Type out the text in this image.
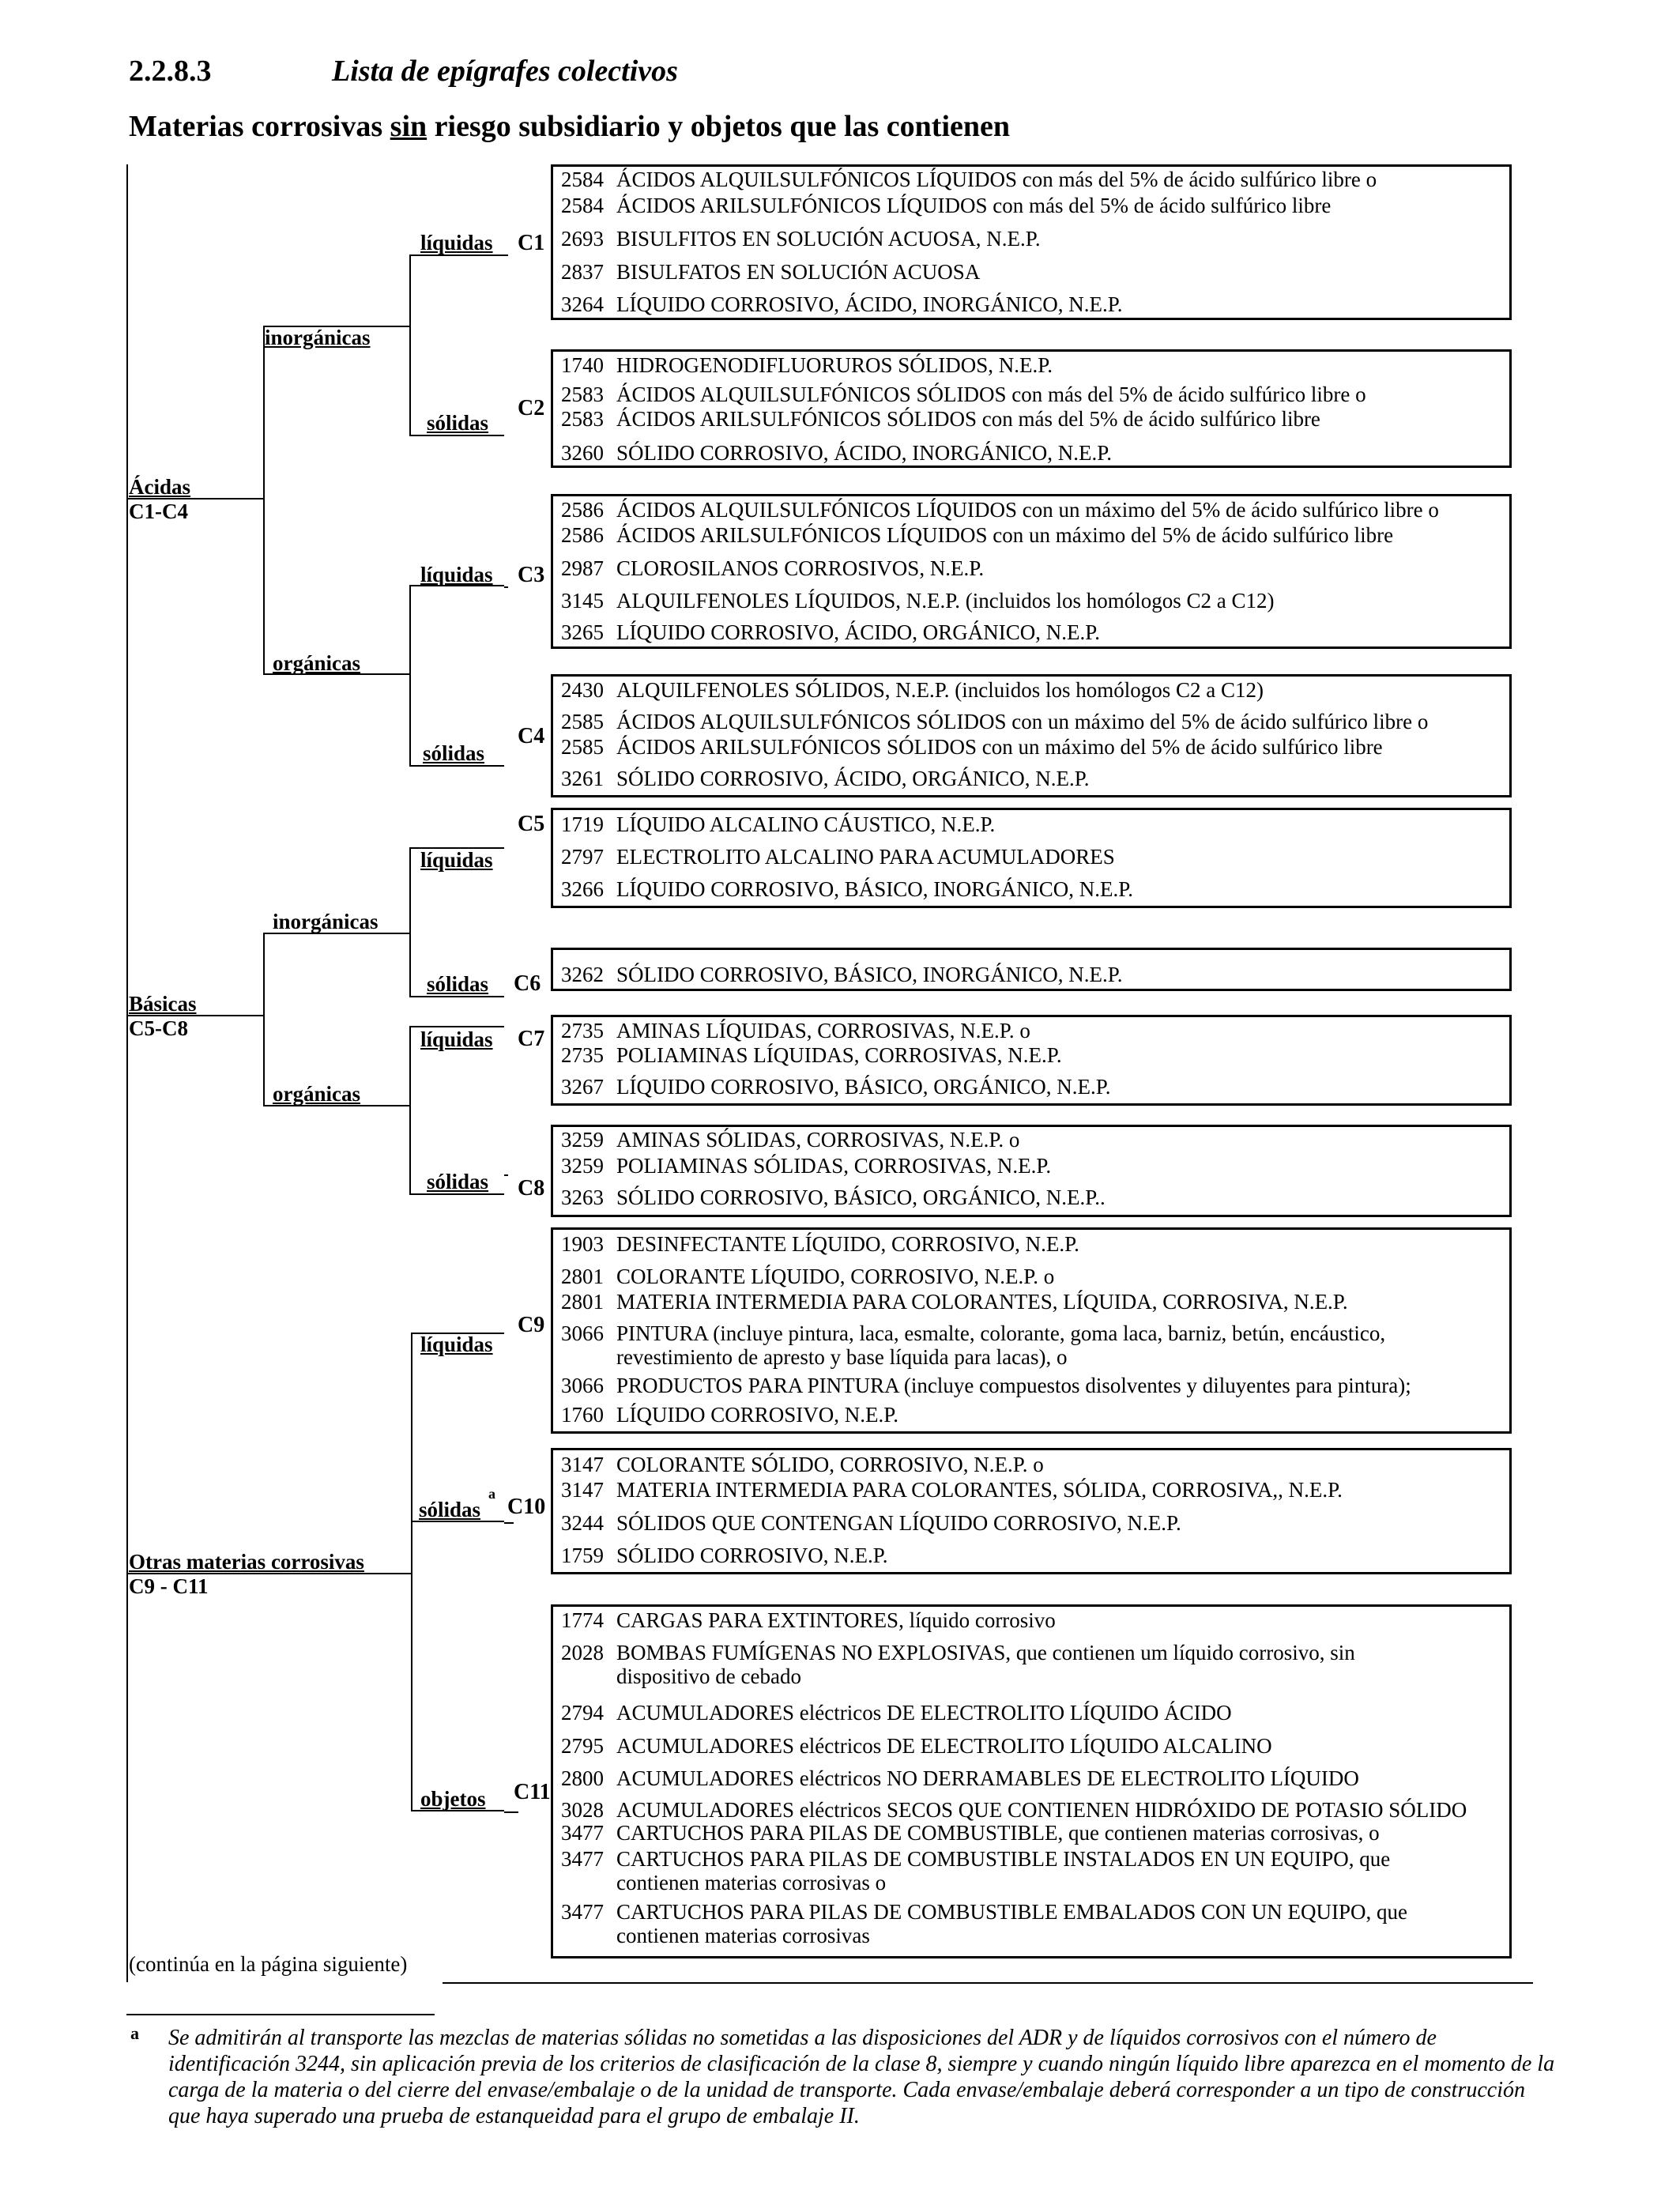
2.2.8.3	Lista de epígrafes colectivos
Materias corrosivas sin riesgo subsidiario y objetos que las contienen
Ácidas
C1-C4
Básicas
C5-C8
Otras materias corrosivas
C9 - C11
inorgánicas
orgánicas
inorgánicas
orgánicas
líquidas
sólidas
líquidas
sólidas
líquidas
sólidas
líquidas
sólidas
líquidas
sólidas
a
objetos
C1
C2
C3
C4
C5
C6
C7
C8
C9
C10
C11
2584 ÁCIDOS ALQUILSULFÓNICOS LÍQUIDOS con más del 5% de ácido sulfúrico libre o
2584 ÁCIDOS ARILSULFÓNICOS LÍQUIDOS con más del 5% de ácido sulfúrico libre
2693 BISULFITOS EN SOLUCIÓN ACUOSA, N.E.P.
2837 BISULFATOS EN SOLUCIÓN ACUOSA
3264 LÍQUIDO CORROSIVO, ÁCIDO, INORGÁNICO, N.E.P.
1740 HIDROGENODIFLUORUROS SÓLIDOS, N.E.P.
2583 ÁCIDOS ALQUILSULFÓNICOS SÓLIDOS con más del 5% de ácido sulfúrico libre o
2583 ÁCIDOS ARILSULFÓNICOS SÓLIDOS con más del 5% de ácido sulfúrico libre
3260 SÓLIDO CORROSIVO, ÁCIDO, INORGÁNICO, N.E.P.
2586 ÁCIDOS ALQUILSULFÓNICOS LÍQUIDOS con un máximo del 5% de ácido sulfúrico libre o
2586 ÁCIDOS ARILSULFÓNICOS LÍQUIDOS con un máximo del 5% de ácido sulfúrico libre
2987 CLOROSILANOS CORROSIVOS, N.E.P.
3145 ALQUILFENOLES LÍQUIDOS, N.E.P. (incluidos los homólogos C2 a C12)
3265 LÍQUIDO CORROSIVO, ÁCIDO, ORGÁNICO, N.E.P.
2430 ALQUILFENOLES SÓLIDOS, N.E.P. (incluidos los homólogos C2 a C12)
2585 ÁCIDOS ALQUILSULFÓNICOS SÓLIDOS con un máximo del 5% de ácido sulfúrico libre o
2585 ÁCIDOS ARILSULFÓNICOS SÓLIDOS con un máximo del 5% de ácido sulfúrico libre
3261 SÓLIDO CORROSIVO, ÁCIDO, ORGÁNICO, N.E.P.
1719 LÍQUIDO ALCALINO CÁUSTICO, N.E.P.
2797 ELECTROLITO ALCALINO PARA ACUMULADORES
3266 LÍQUIDO CORROSIVO, BÁSICO, INORGÁNICO, N.E.P.
3262 SÓLIDO CORROSIVO, BÁSICO, INORGÁNICO, N.E.P.
2735 AMINAS LÍQUIDAS, CORROSIVAS, N.E.P. o
2735 POLIAMINAS LÍQUIDAS, CORROSIVAS, N.E.P.
3267 LÍQUIDO CORROSIVO, BÁSICO, ORGÁNICO, N.E.P.
3259 AMINAS SÓLIDAS, CORROSIVAS, N.E.P. o
3259 POLIAMINAS SÓLIDAS, CORROSIVAS, N.E.P.
3263 SÓLIDO CORROSIVO, BÁSICO, ORGÁNICO, N.E.P..
1903 DESINFECTANTE LÍQUIDO, CORROSIVO, N.E.P.
2801 COLORANTE LÍQUIDO, CORROSIVO, N.E.P. o
2801 MATERIA INTERMEDIA PARA COLORANTES, LÍQUIDA, CORROSIVA, N.E.P.
3066 PINTURA (incluye pintura, laca, esmalte, colorante, goma laca, barniz, betún, encáustico,
revestimiento de apresto y base líquida para lacas), o
3066 PRODUCTOS PARA PINTURA (incluye compuestos disolventes y diluyentes para pintura);
1760 LÍQUIDO CORROSIVO, N.E.P.
3147 COLORANTE SÓLIDO, CORROSIVO, N.E.P. o
3147 MATERIA INTERMEDIA PARA COLORANTES, SÓLIDA, CORROSIVA,, N.E.P.
3244 SÓLIDOS QUE CONTENGAN LÍQUIDO CORROSIVO, N.E.P.
1759 SÓLIDO CORROSIVO, N.E.P.
1774 CARGAS PARA EXTINTORES, líquido corrosivo
2028 BOMBAS FUMÍGENAS NO EXPLOSIVAS, que contienen um líquido corrosivo, sin
dispositivo de cebado
2794 ACUMULADORES eléctricos DE ELECTROLITO LÍQUIDO ÁCIDO
2795 ACUMULADORES eléctricos DE ELECTROLITO LÍQUIDO ALCALINO
2800 ACUMULADORES eléctricos NO DERRAMABLES DE ELECTROLITO LÍQUIDO
3028 ACUMULADORES eléctricos SECOS QUE CONTIENEN HIDRÓXIDO DE POTASIO SÓLIDO
3477 CARTUCHOS PARA PILAS DE COMBUSTIBLE, que contienen materias corrosivas, o
3477 CARTUCHOS PARA PILAS DE COMBUSTIBLE INSTALADOS EN UN EQUIPO, que
contienen materias corrosivas o
3477 CARTUCHOS PARA PILAS DE COMBUSTIBLE EMBALADOS CON UN EQUIPO, que
contienen materias corrosivas
(continúa en la página siguiente)
a Se admitirán al transporte las mezclas de materias sólidas no sometidas a las disposiciones del ADR y de líquidos corrosivos con el número de identificación 3244, sin aplicación previa de los criterios de clasificación de la clase 8, siempre y cuando ningún líquido libre aparezca en el momento de la carga de la materia o del cierre del envase/embalaje o de la unidad de transporte. Cada envase/embalaje deberá corresponder a un tipo de construcción que haya superado una prueba de estanqueidad para el grupo de embalaje II.
